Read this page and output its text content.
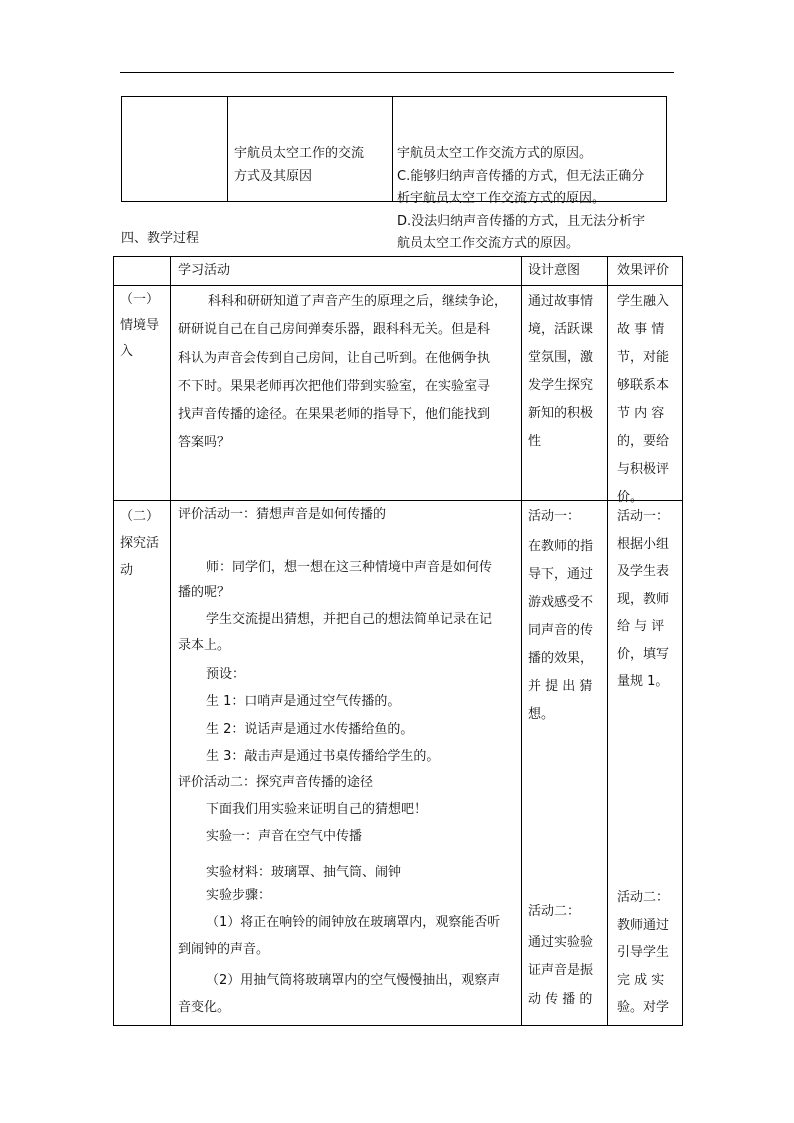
宇航员太空工作的交流
方式及其原因

宇航员太空工作交流方式的原因。
C.能够归纳声音传播的方式，但无法正确分
析宇航员太空工作交流方式的原因。
D.没法归纳声音传播的方式，且无法分析宇
航员太空工作交流方式的原因。

四、教学过程
学习活动	设计意图	效果评价
（一）
情境导
入
科科和研研知道了声音产生的原理之后，继续争论，
研研说自己在自己房间弹奏乐器，跟科科无关。但是科
科认为声音会传到自己房间，让自己听到。在他俩争执
不下时。果果老师再次把他们带到实验室，在实验室寻
找声音传播的途径。在果果老师的指导下，他们能找到
答案吗？
通过故事情
境，活跃课
堂氛围，激
发学生探究
新知的积极
性
学生融入
故 事 情
节，对能
够联系本
节 内 容
的，要给
与积极评
价。
（二）
探究活
动
评价活动一：猜想声音是如何传播的
师：同学们，想一想在这三种情境中声音是如何传
播的呢？
学生交流提出猜想，并把自己的想法简单记录在记
录本上。
预设：
生 1：口哨声是通过空气传播的。
生 2：说话声是通过水传播给鱼的。
生 3：敲击声是通过书桌传播给学生的。
评价活动二：探究声音传播的途径
下面我们用实验来证明自己的猜想吧！
实验一：声音在空气中传播
实验材料：玻璃罩、抽气筒、闹钟
实验步骤：
（1）将正在响铃的闹钟放在玻璃罩内，观察能否听
到闹钟的声音。
（2）用抽气筒将玻璃罩内的空气慢慢抽出，观察声
音变化。
活动一：
在教师的指
导下，通过
游戏感受不
同声音的传
播的效果，
并 提 出 猜
想。
活动二：
通过实验验
证声音是振
动 传 播 的
活动一：
根据小组
及学生表
现，教师
给 与 评
价，填写
量规 1。
活动二：
教师通过
引导学生
完 成 实
验。对学
